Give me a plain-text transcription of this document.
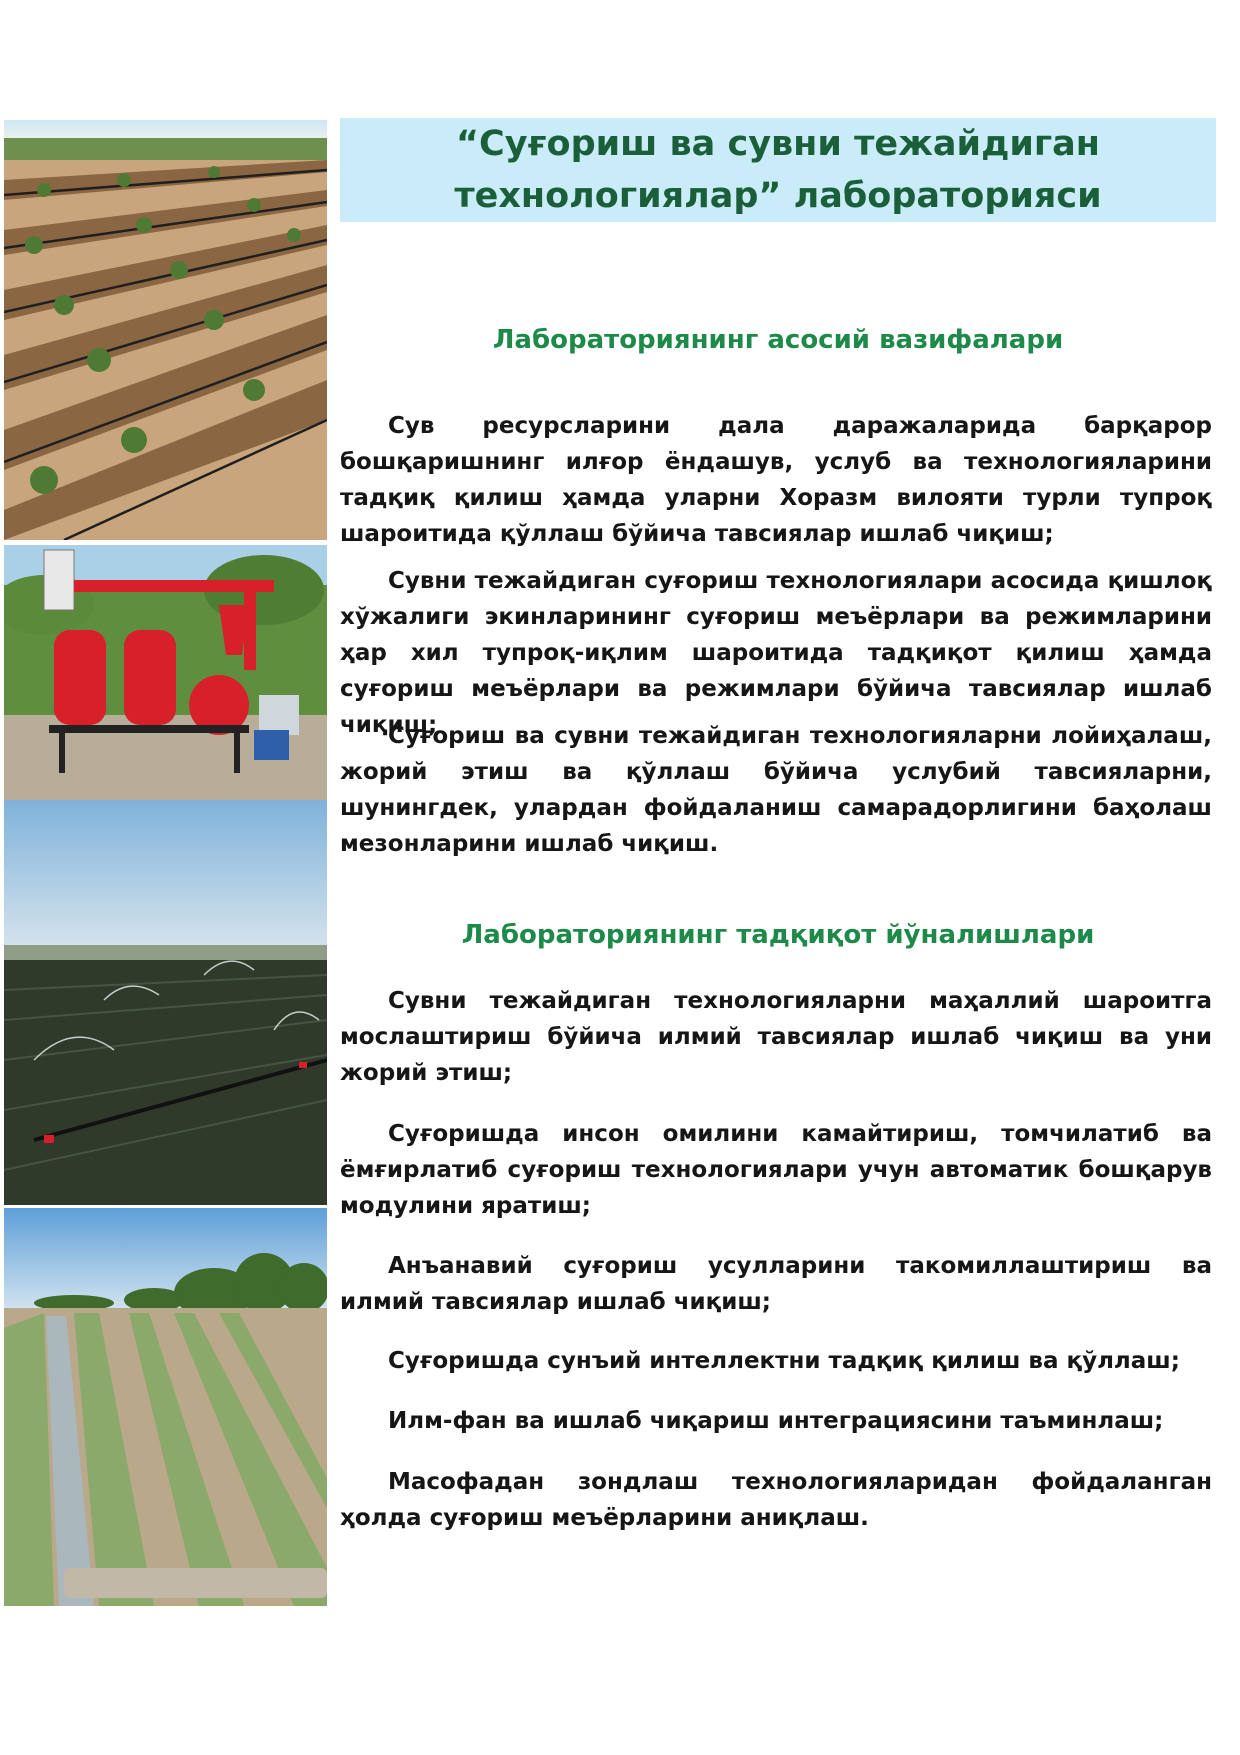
“Суғориш ва сувни тежайдиган
технологиялар” лабораторияси
Лабораториянинг асосий вазифалари

Сув ресурсларини дала даражаларида барқарор бошқаришнинг илғор ёндашув, услуб ва технологияларини тадқиқ қилиш ҳамда уларни Хоразм вилояти турли тупроқ шароитида қўллаш бўйича тавсиялар ишлаб чиқиш;

Сувни тежайдиган суғориш технологиялари асосида қишлоқ хўжалиги экинларининг суғориш меъёрлари ва режимларини ҳар хил тупроқ-иқлим шароитида тадқиқот қилиш ҳамда суғориш меъёрлари ва режимлари бўйича тавсиялар ишлаб чиқиш;

Суғориш ва сувни тежайдиган технологияларни лойиҳалаш, жорий этиш ва қўллаш бўйича услубий тавсияларни, шунингдек, улардан фойдаланиш самарадорлигини баҳолаш мезонларини ишлаб чиқиш.

Лабораториянинг тадқиқот йўналишлари

Сувни тежайдиган технологияларни маҳаллий шароитга мослаштириш бўйича илмий тавсиялар ишлаб чиқиш ва уни жорий этиш;

Суғоришда инсон омилини камайтириш, томчилатиб ва ёмғирлатиб суғориш технологиялари учун автоматик бошқарув модулини яратиш;

Анъанавий суғориш усулларини такомиллаштириш ва илмий тавсиялар ишлаб чиқиш;

Суғоришда сунъий интеллектни тадқиқ қилиш ва қўллаш;

Илм-фан ва ишлаб чиқариш интеграциясини таъминлаш;

Масофадан зондлаш технологияларидан фойдаланган ҳолда суғориш меъёрларини аниқлаш.
